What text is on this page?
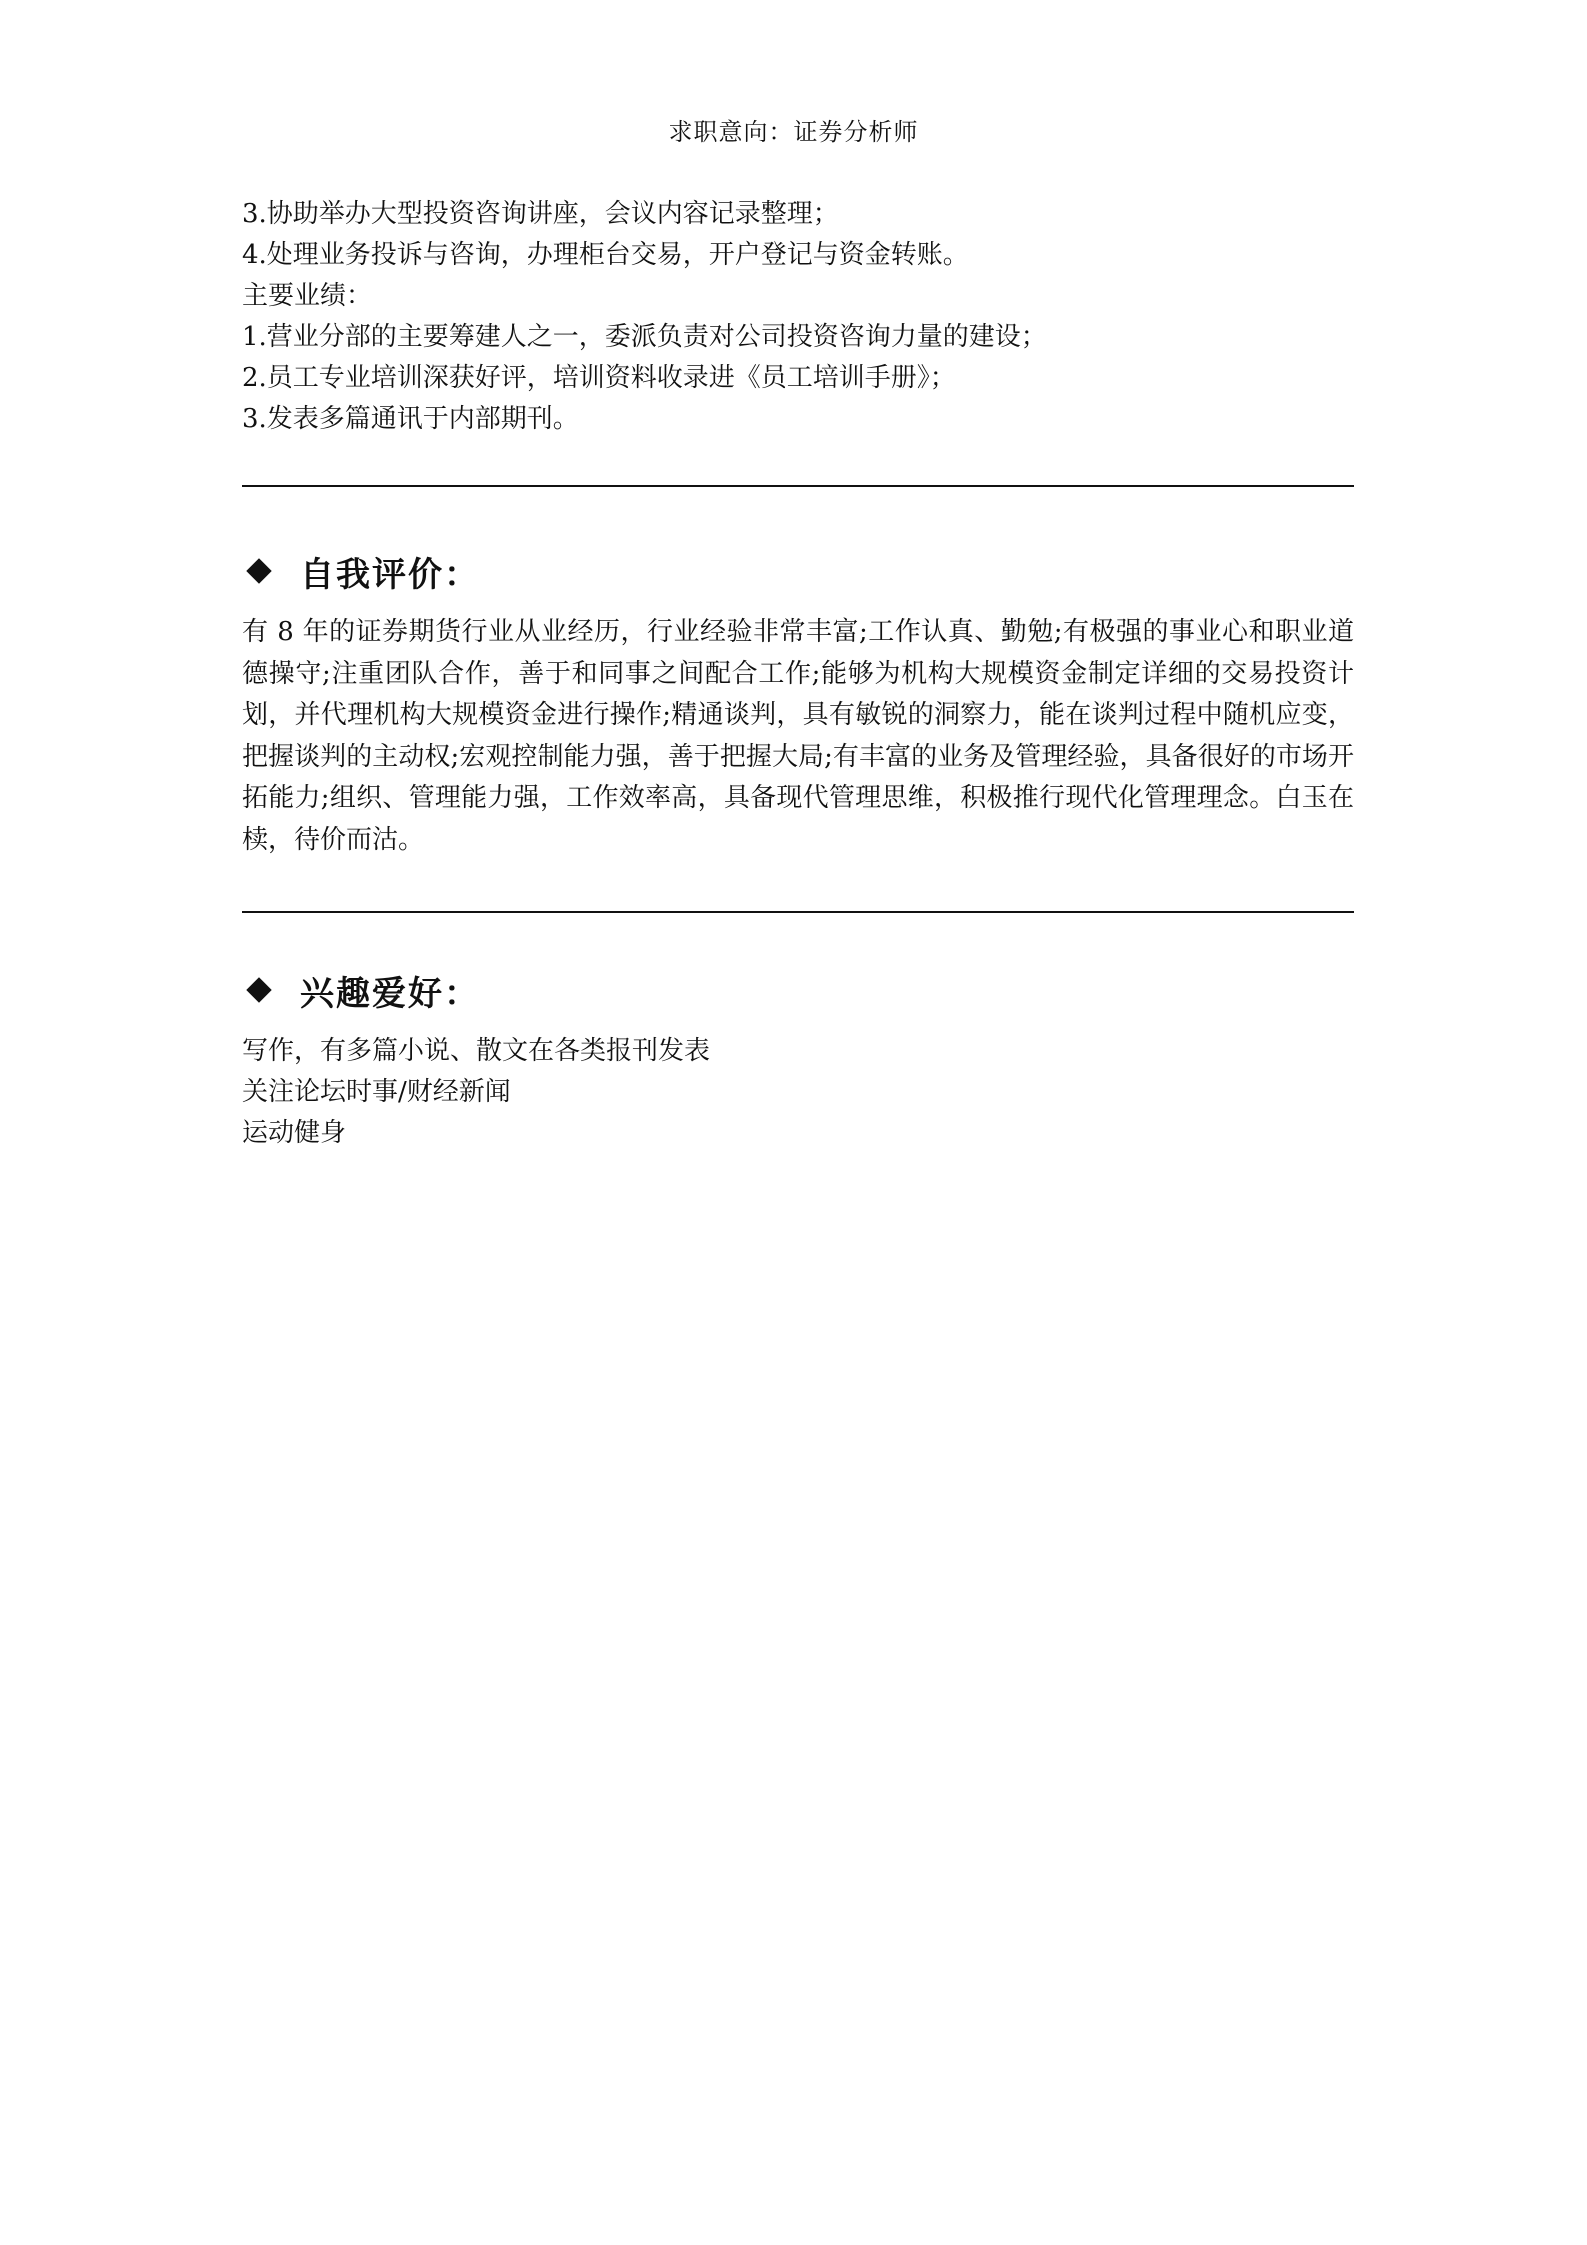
求职意向：证券分析师

3.协助举办大型投资咨询讲座，会议内容记录整理；

4.处理业务投诉与咨询，办理柜台交易，开户登记与资金转账。

主要业绩：

1.营业分部的主要筹建人之一，委派负责对公司投资咨询力量的建设；

2.员工专业培训深获好评，培训资料收录进《员工培训手册》；

3.发表多篇通讯于内部期刊。

自我评价：

有 8 年的证券期货行业从业经历，行业经验非常丰富;工作认真、勤勉;有极强的事业心和职业道德操守;注重团队合作，善于和同事之间配合工作;能够为机构大规模资金制定详细的交易投资计划，并代理机构大规模资金进行操作;精通谈判，具有敏锐的洞察力，能在谈判过程中随机应变，把握谈判的主动权;宏观控制能力强，善于把握大局;有丰富的业务及管理经验，具备很好的市场开拓能力;组织、管理能力强，工作效率高，具备现代管理思维，积极推行现代化管理理念。白玉在椟，待价而沽。

兴趣爱好：

写作，有多篇小说、散文在各类报刊发表

关注论坛时事/财经新闻

运动健身
